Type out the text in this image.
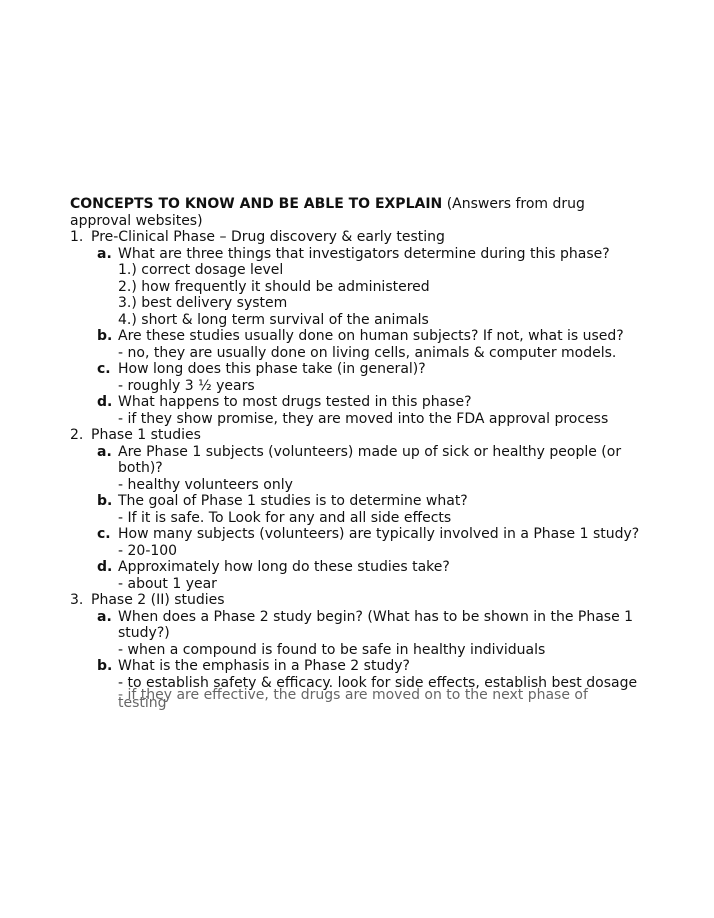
CONCEPTS TO KNOW AND BE ABLE TO EXPLAIN (Answers from drug approval websites)
1. Pre-Clinical Phase – Drug discovery & early testing
a. What are three things that investigators determine during this phase?
1.) correct dosage level
2.) how frequently it should be administered
3.) best delivery system
4.) short & long term survival of the animals
b. Are these studies usually done on human subjects? If not, what is used?
- no, they are usually done on living cells, animals & computer models.
c. How long does this phase take (in general)?
- roughly 3 ½ years
d. What happens to most drugs tested in this phase?
- if they show promise, they are moved into the FDA approval process
2. Phase 1 studies
a. Are Phase 1 subjects (volunteers) made up of sick or healthy people (or both)?
- healthy volunteers only
b. The goal of Phase 1 studies is to determine what?
- If it is safe. To Look for any and all side effects
c. How many subjects (volunteers) are typically involved in a Phase 1 study?
- 20-100
d. Approximately how long do these studies take?
- about 1 year
3. Phase 2 (II) studies
a. When does a Phase 2 study begin? (What has to be shown in the Phase 1 study?)
- when a compound is found to be safe in healthy individuals
b. What is the emphasis in a Phase 2 study?
- to establish safety & efficacy. look for side effects, establish best dosage
- if they are effective, the drugs are moved on to the next phase of testing
